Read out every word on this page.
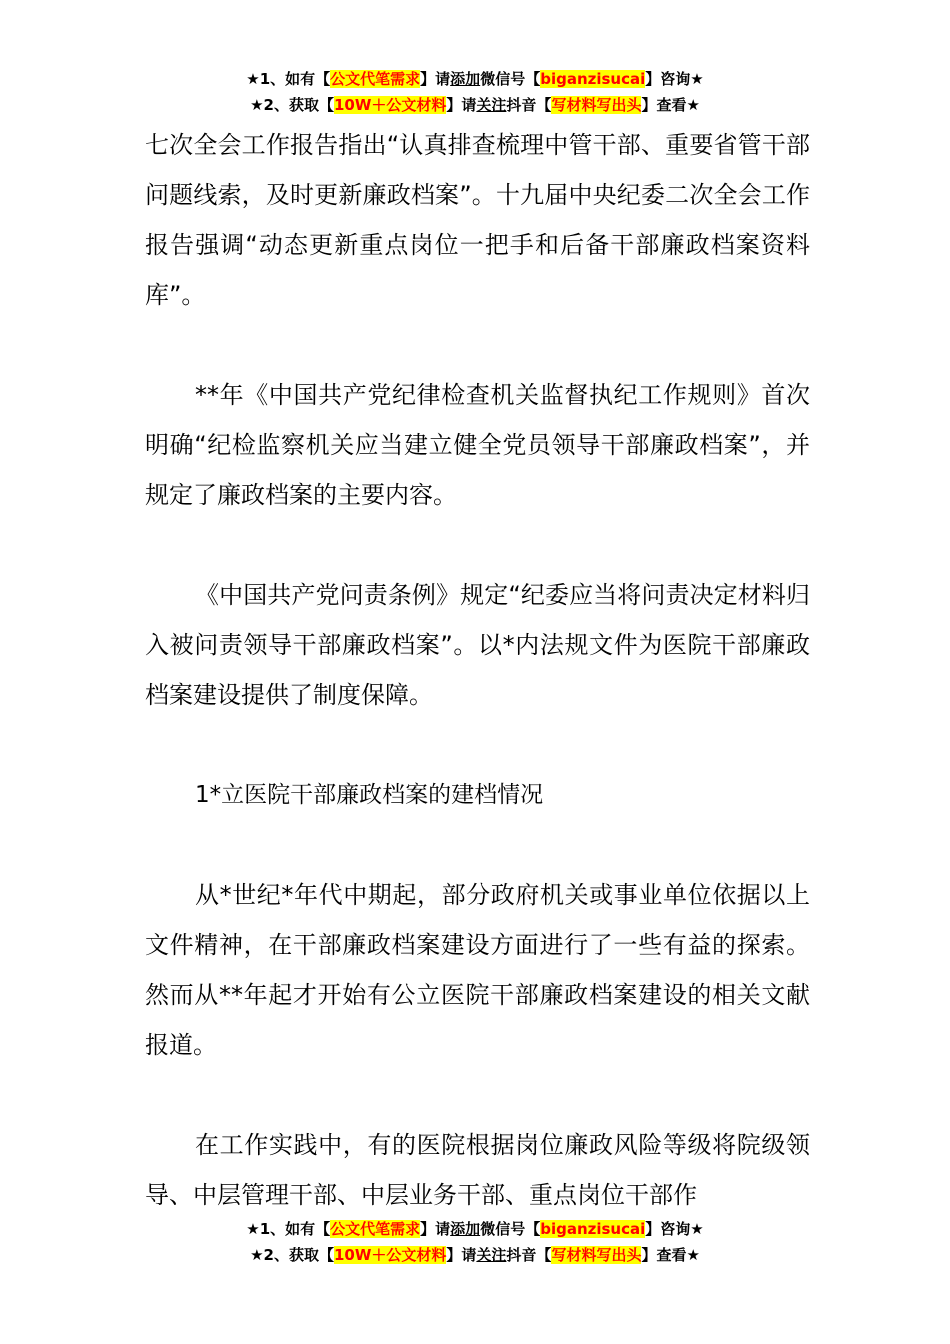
★1、如有【公文代笔需求】请添加微信号【biganzisucai】咨询★
★2、获取【10W＋公文材料】请关注抖音【写材料写出头】查看★

七次全会工作报告指出“认真排查梳理中管干部、重要省管干部问题线索，及时更新廉政档案”。十九届中央纪委二次全会工作报告强调“动态更新重点岗位一把手和后备干部廉政档案资料库”。

**年《中国共产党纪律检查机关监督执纪工作规则》首次明确“纪检监察机关应当建立健全党员领导干部廉政档案”，并规定了廉政档案的主要内容。

《中国共产党问责条例》规定“纪委应当将问责决定材料归入被问责领导干部廉政档案”。以*内法规文件为医院干部廉政档案建设提供了制度保障。

1*立医院干部廉政档案的建档情况

从*世纪*年代中期起，部分政府机关或事业单位依据以上文件精神，在干部廉政档案建设方面进行了一些有益的探索。然而从**年起才开始有公立医院干部廉政档案建设的相关文献报道。

在工作实践中，有的医院根据岗位廉政风险等级将院级领导、中层管理干部、中层业务干部、重点岗位干部作

★1、如有【公文代笔需求】请添加微信号【biganzisucai】咨询★
★2、获取【10W＋公文材料】请关注抖音【写材料写出头】查看★
